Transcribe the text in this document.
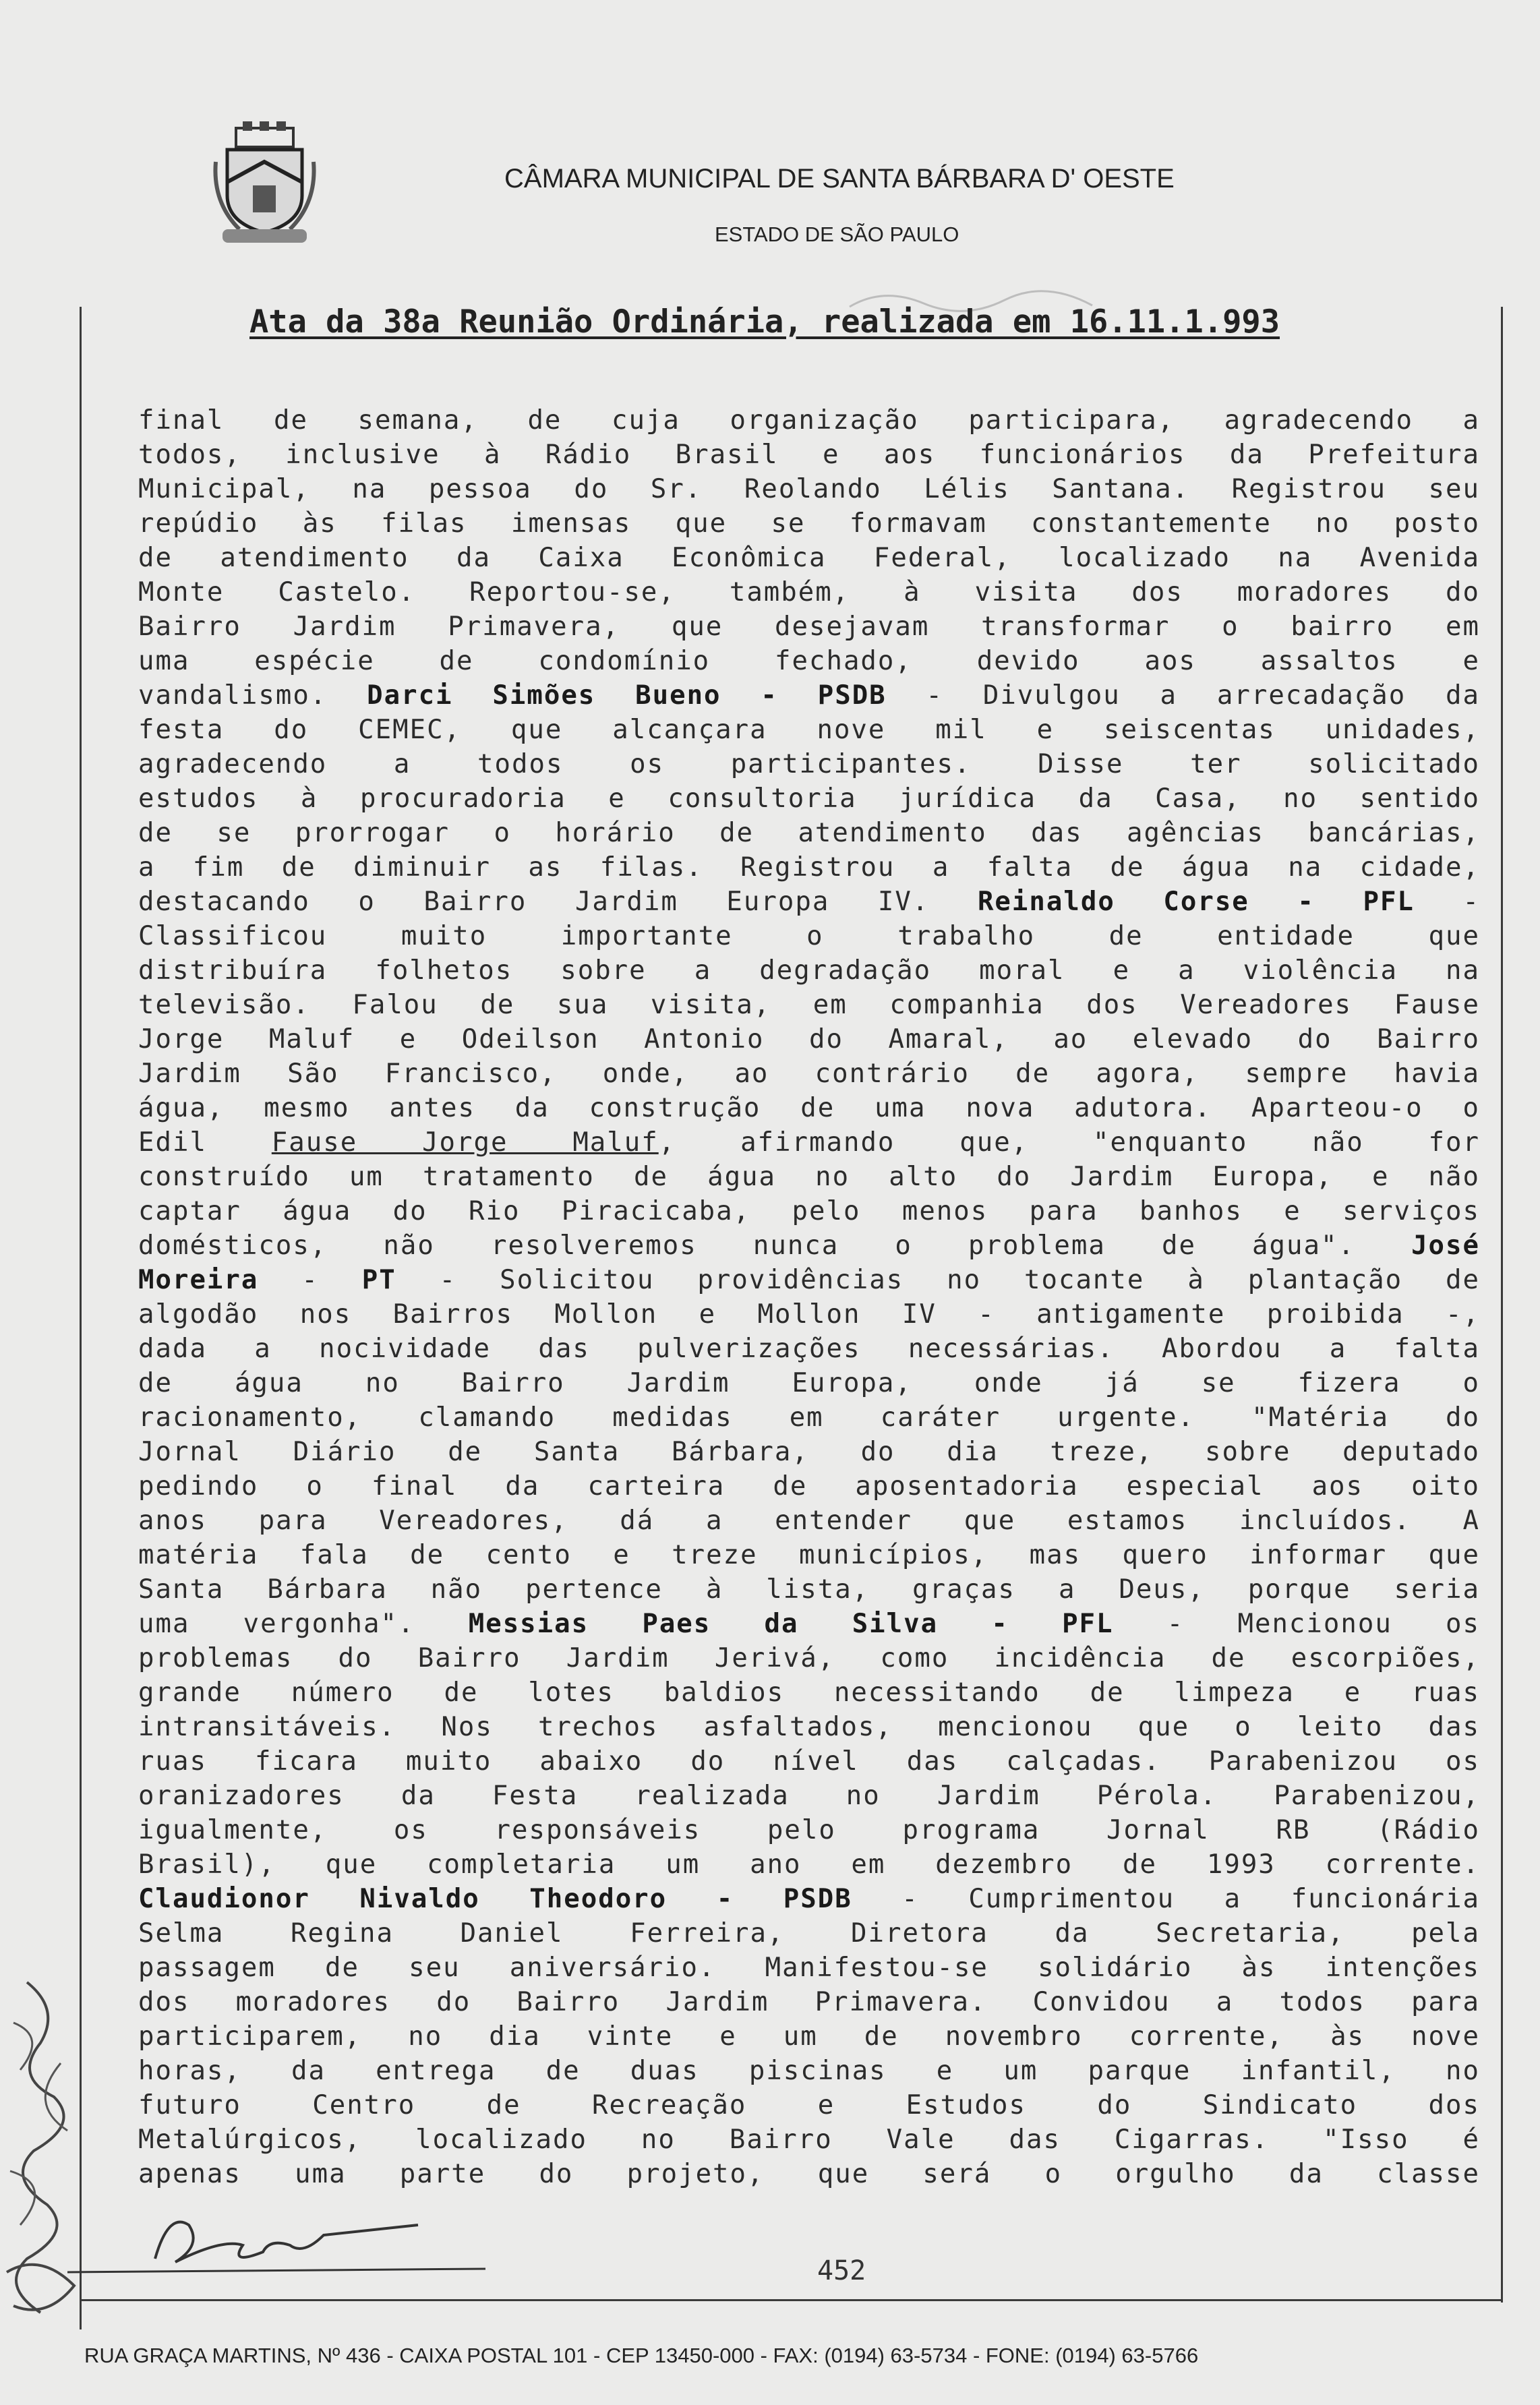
CÂMARA MUNICIPAL DE SANTA BÁRBARA D' OESTE
ESTADO DE SÃO PAULO
Ata da 38a Reunião Ordinária, realizada em 16.11.1.993
final de semana, de cuja organização participara, agradecendo a
todos, inclusive à Rádio Brasil e aos funcionários da Prefeitura
Municipal, na pessoa do Sr. Reolando Lélis Santana. Registrou seu
repúdio às filas imensas que se formavam constantemente no posto
de atendimento da Caixa Econômica Federal, localizado na Avenida
Monte Castelo. Reportou-se, também, à visita dos moradores do
Bairro Jardim Primavera, que desejavam transformar o bairro em
uma espécie de condomínio fechado, devido aos assaltos e
vandalismo. Darci Simões Bueno - PSDB - Divulgou a arrecadação da
festa do CEMEC, que alcançara nove mil e seiscentas unidades,
agradecendo a todos os participantes. Disse ter solicitado
estudos à procuradoria e consultoria jurídica da Casa, no sentido
de se prorrogar o horário de atendimento das agências bancárias,
a fim de diminuir as filas. Registrou a falta de água na cidade,
destacando o Bairro Jardim Europa IV. Reinaldo Corse - PFL -
Classificou muito importante o trabalho de entidade que
distribuíra folhetos sobre a degradação moral e a violência na
televisão. Falou de sua visita, em companhia dos Vereadores Fause
Jorge Maluf e Odeilson Antonio do Amaral, ao elevado do Bairro
Jardim São Francisco, onde, ao contrário de agora, sempre havia
água, mesmo antes da construção de uma nova adutora. Aparteou-o o
Edil Fause Jorge Maluf, afirmando que, "enquanto não for
construído um tratamento de água no alto do Jardim Europa, e não
captar água do Rio Piracicaba, pelo menos para banhos e serviços
domésticos, não resolveremos nunca o problema de água". José
Moreira - PT - Solicitou providências no tocante à plantação de
algodão nos Bairros Mollon e Mollon IV - antigamente proibida -,
dada a nocividade das pulverizações necessárias. Abordou a falta
de água no Bairro Jardim Europa, onde já se fizera o
racionamento, clamando medidas em caráter urgente. "Matéria do
Jornal Diário de Santa Bárbara, do dia treze, sobre deputado
pedindo o final da carteira de aposentadoria especial aos oito
anos para Vereadores, dá a entender que estamos incluídos. A
matéria fala de cento e treze municípios, mas quero informar que
Santa Bárbara não pertence à lista, graças a Deus, porque seria
uma vergonha". Messias Paes da Silva - PFL - Mencionou os
problemas do Bairro Jardim Jerivá, como incidência de escorpiões,
grande número de lotes baldios necessitando de limpeza e ruas
intransitáveis. Nos trechos asfaltados, mencionou que o leito das
ruas ficara muito abaixo do nível das calçadas. Parabenizou os
oranizadores da Festa realizada no Jardim Pérola. Parabenizou,
igualmente, os responsáveis pelo programa Jornal RB (Rádio
Brasil), que completaria um ano em dezembro de 1993 corrente.
Claudionor Nivaldo Theodoro - PSDB - Cumprimentou a funcionária
Selma Regina Daniel Ferreira, Diretora da Secretaria, pela
passagem de seu aniversário. Manifestou-se solidário às intenções
dos moradores do Bairro Jardim Primavera. Convidou a todos para
participarem, no dia vinte e um de novembro corrente, às nove
horas, da entrega de duas piscinas e um parque infantil, no
futuro Centro de Recreação e Estudos do Sindicato dos
Metalúrgicos, localizado no Bairro Vale das Cigarras. "Isso é
apenas uma parte do projeto, que será o orgulho da classe
452
RUA GRAÇA MARTINS, Nº 436 - CAIXA POSTAL 101 - CEP 13450-000 - FAX: (0194) 63-5734 - FONE: (0194) 63-5766
